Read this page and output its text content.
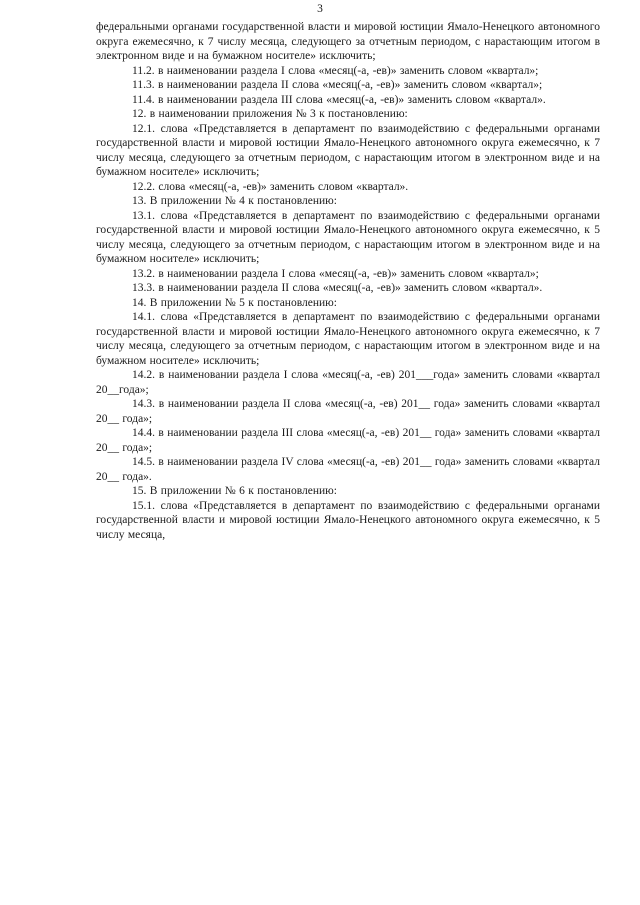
3

федеральными органами государственной власти и мировой юстиции Ямало-Ненецкого автономного округа ежемесячно, к 7 числу месяца, следующего за отчетным периодом, с нарастающим итогом в электронном виде и на бумажном носителе» исключить;

11.2. в наименовании раздела I слова «месяц(-а, -ев)» заменить словом «квартал»;

11.3. в наименовании раздела II слова «месяц(-а, -ев)» заменить словом «квартал»;

11.4. в наименовании раздела III слова «месяц(-а, -ев)» заменить словом «квартал».

12. в наименовании приложения № 3 к постановлению:

12.1. слова «Представляется в департамент по взаимодействию с федеральными органами государственной власти и мировой юстиции Ямало-Ненецкого автономного округа ежемесячно, к 7 числу месяца, следующего за отчетным периодом, с нарастающим итогом в электронном виде и на бумажном носителе» исключить;

12.2. слова «месяц(-а, -ев)» заменить словом «квартал».

13. В приложении № 4 к постановлению:

13.1. слова «Представляется в департамент по взаимодействию с федеральными органами государственной власти и мировой юстиции Ямало-Ненецкого автономного округа ежемесячно, к 5 числу месяца, следующего за отчетным периодом, с нарастающим итогом в электронном виде и на бумажном носителе» исключить;

13.2. в наименовании раздела I слова «месяц(-а, -ев)» заменить словом «квартал»;

13.3. в наименовании раздела II слова «месяц(-а, -ев)» заменить словом «квартал».

14. В приложении № 5 к постановлению:

14.1. слова «Представляется в департамент по взаимодействию с федеральными органами государственной власти и мировой юстиции Ямало-Ненецкого автономного округа ежемесячно, к 7 числу месяца, следующего за отчетным периодом, с нарастающим итогом в электронном виде и на бумажном носителе» исключить;

14.2. в наименовании раздела I слова «месяц(-а, -ев) 201___года» заменить словами «квартал 20__года»;

14.3. в наименовании раздела II слова «месяц(-а, -ев) 201__ года» заменить словами «квартал 20__ года»;

14.4. в наименовании раздела III слова «месяц(-а, -ев) 201__ года» заменить словами «квартал 20__ года»;

14.5. в наименовании раздела IV слова «месяц(-а, -ев) 201__ года» заменить словами «квартал 20__ года».

15. В приложении № 6 к постановлению:

15.1. слова «Представляется в департамент по взаимодействию с федеральными органами государственной власти и мировой юстиции Ямало-Ненецкого автономного округа ежемесячно, к 5 числу месяца,
